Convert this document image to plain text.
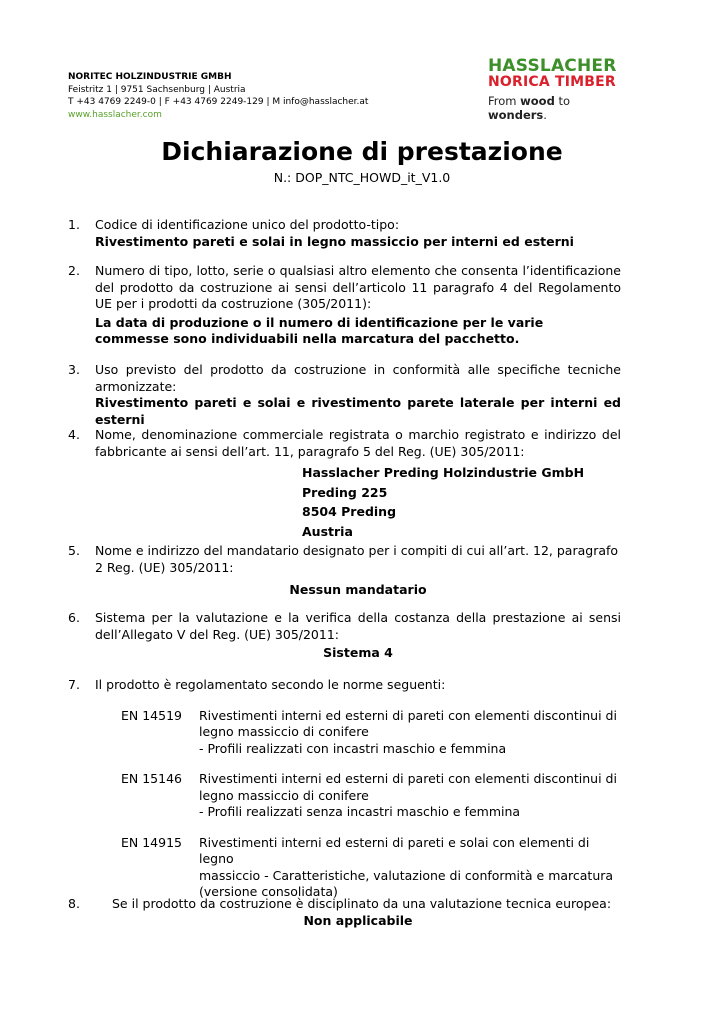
NORITEC HOLZINDUSTRIE GMBH
Feistritz 1 | 9751 Sachsenburg | Austria
T +43 4769 2249-0 | F +43 4769 2249-129 | M info@hasslacher.at
www.hasslacher.com
HASSLACHER
NORICA TIMBER
From wood to wonders.
Dichiarazione di prestazione
N.: DOP_NTC_HOWD_it_V1.0
1. Codice di identificazione unico del prodotto-tipo:
Rivestimento pareti e solai in legno massiccio per interni ed esterni
2. Numero di tipo, lotto, serie o qualsiasi altro elemento che consenta l’identificazione del prodotto da costruzione ai sensi dell’articolo 11 paragrafo 4 del Regolamento UE per i prodotti da costruzione (305/2011):
La data di produzione o il numero di identificazione per le varie commesse sono individuabili nella marcatura del pacchetto.
3. Uso previsto del prodotto da costruzione in conformità alle specifiche tecniche armonizzate:
Rivestimento pareti e solai e rivestimento parete laterale per interni ed esterni
4. Nome, denominazione commerciale registrata o marchio registrato e indirizzo del fabbricante ai sensi dell’art. 11, paragrafo 5 del Reg. (UE) 305/2011:
Hasslacher Preding Holzindustrie GmbH
Preding 225
8504 Preding
Austria
5. Nome e indirizzo del mandatario designato per i compiti di cui all’art. 12, paragrafo 2 Reg. (UE) 305/2011:
Nessun mandatario
6. Sistema per la valutazione e la verifica della costanza della prestazione ai sensi dell’Allegato V del Reg. (UE) 305/2011:
Sistema 4
7. Il prodotto è regolamentato secondo le norme seguenti:
EN 14519 Rivestimenti interni ed esterni di pareti con elementi discontinui di
legno massiccio di conifere
- Profili realizzati con incastri maschio e femmina
EN 15146 Rivestimenti interni ed esterni di pareti con elementi discontinui di
legno massiccio di conifere
- Profili realizzati senza incastri maschio e femmina
EN 14915 Rivestimenti interni ed esterni di pareti e solai con elementi di legno
massiccio - Caratteristiche, valutazione di conformità e marcatura
(versione consolidata)
8.	Se il prodotto da costruzione è disciplinato da una valutazione tecnica europea:
Non applicabile
